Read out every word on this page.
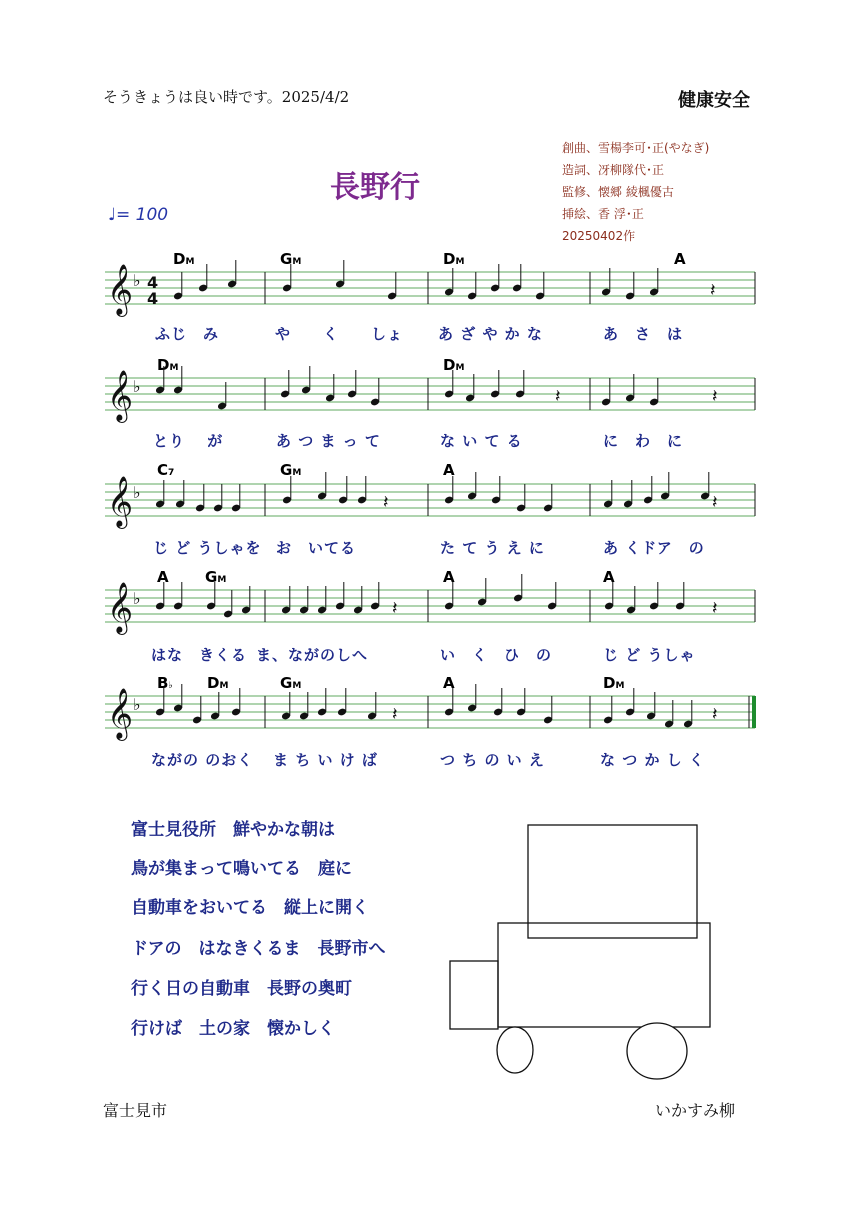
そうきょうは良い時です。2025/4/2	健康安全
長野行
創曲、雪楊李可･正(やなぎ)
造詞、冴柳隊代･正
監修、懐郷 綾楓優古
挿絵、香 浮･正
20250402作
♩= 100
DM	GM	DM	A
ふじ　み	や　　く　　しょ あ ざ や か な	あ　さ　は
DM	DM
とり　 が	あ つ ま っ て	な い て る	に　わ　に
C7	GM	A
じ ど うしゃを お　いてる	た て う え に	あ くドア　の
A GM	A	A
はな　きくる ま、ながのしへ	い　く　ひ　の	じ ど うしゃ
B♭ DM	GM	A	DM
ながの のおく ま ち い け ば	つ ち の い え	な つ か し く
𝄞 ♭
𝄞 ♭
𝄞 ♭
𝄞 ♭
𝄞 ♭
4
4	𝄽
𝄽	𝄽
𝄽	𝄽
𝄽	𝄽
𝄽	𝄽
富士見役所　鮮やかな朝は
鳥が集まって鳴いてる　庭に
自動車をおいてる　縦上に開く
ドアの　はなきくるま　長野市へ
行く日の自動車　長野の奥町
行けば　土の家　懐かしく
富士見市	いかすみ柳
